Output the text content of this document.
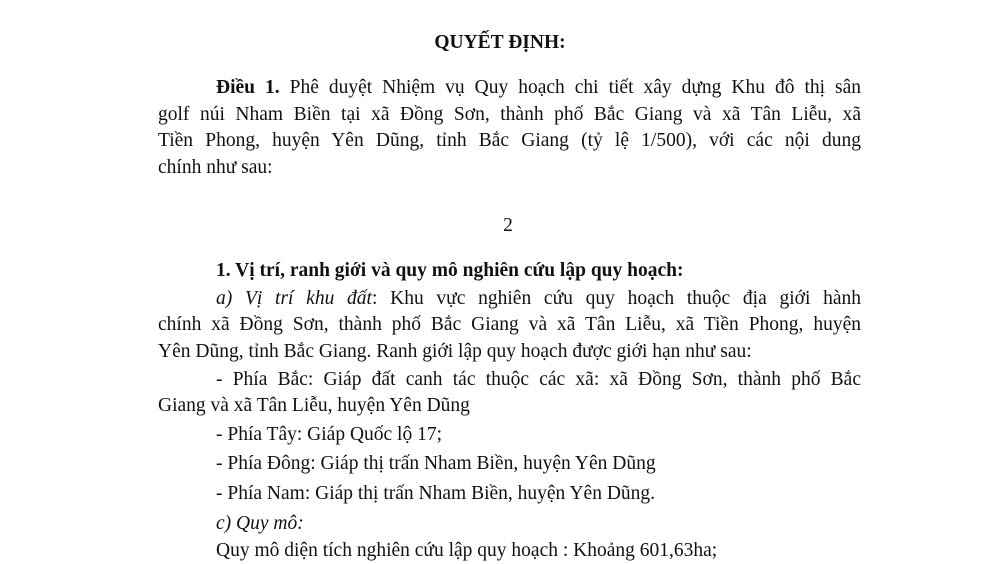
QUYẾT ĐỊNH:
Điều 1. Phê duyệt Nhiệm vụ Quy hoạch chi tiết xây dựng Khu đô thị sân
golf núi Nham Biền tại xã Đồng Sơn, thành phố Bắc Giang và xã Tân Liễu, xã
Tiền Phong, huyện Yên Dũng, tỉnh Bắc Giang (tỷ lệ 1/500), với các nội dung
chính như sau:
2
1. Vị trí, ranh giới và quy mô nghiên cứu lập quy hoạch:
a) Vị trí khu đất: Khu vực nghiên cứu quy hoạch thuộc địa giới hành
chính xã Đồng Sơn, thành phố Bắc Giang và xã Tân Liễu, xã Tiền Phong, huyện
Yên Dũng, tỉnh Bắc Giang. Ranh giới lập quy hoạch được giới hạn như sau:
- Phía Bắc: Giáp đất canh tác thuộc các xã: xã Đồng Sơn, thành phố Bắc
Giang và xã Tân Liễu, huyện Yên Dũng
- Phía Tây: Giáp Quốc lộ 17;
- Phía Đông: Giáp thị trấn Nham Biền, huyện Yên Dũng
- Phía Nam: Giáp thị trấn Nham Biền, huyện Yên Dũng.
c) Quy mô:
Quy mô diện tích nghiên cứu lập quy hoạch : Khoảng 601,63ha;
